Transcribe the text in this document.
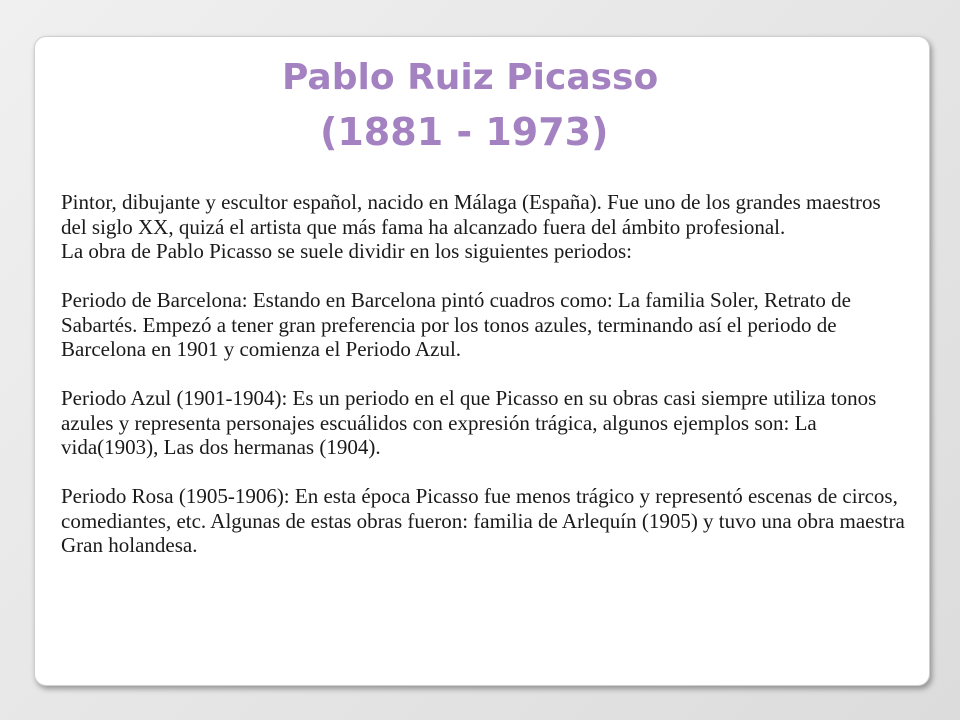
Pablo Ruiz Picasso
(1881 - 1973)

Pintor, dibujante y escultor español, nacido en Málaga (España). Fue uno de los grandes maestros del siglo XX, quizá el artista que más fama ha alcanzado fuera del ámbito profesional.

La obra de Pablo Picasso se suele dividir en los siguientes periodos:

Periodo de Barcelona: Estando en Barcelona pintó cuadros como: La familia Soler, Retrato de Sabartés. Empezó a tener gran preferencia por los tonos azules, terminando así el periodo de Barcelona en 1901 y comienza el Periodo Azul.

Periodo Azul (1901-1904): Es un periodo en el que Picasso en su obras casi siempre utiliza tonos azules y representa personajes escuálidos con expresión trágica, algunos ejemplos son: La vida(1903), Las dos hermanas (1904).

Periodo Rosa (1905-1906): En esta época Picasso fue menos trágico y representó escenas de circos, comediantes, etc. Algunas de estas obras fueron: familia de Arlequín (1905) y tuvo una obra maestra Gran holandesa.
